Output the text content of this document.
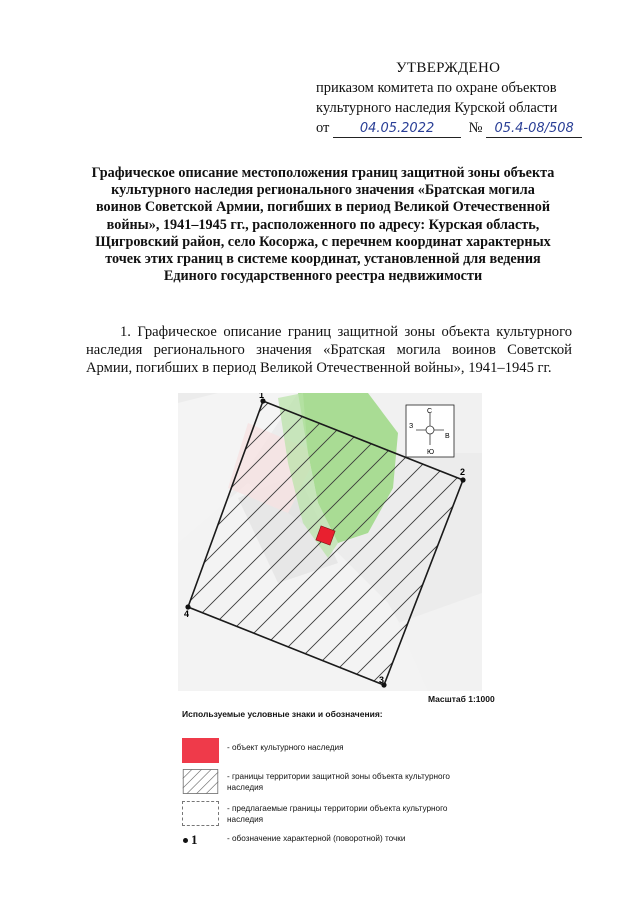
УТВЕРЖДЕНО
приказом комитета по охране объектов
культурного наследия Курской области
от 04.05.2022 № 05.4-08/508
Графическое описание местоположения границ защитной зоны объекта культурного наследия регионального значения «Братская могила воинов Советской Армии, погибших в период Великой Отечественной войны», 1941–1945 гг., расположенного по адресу: Курская область, Щигровский район, село Косоржа, с перечнем координат характерных точек этих границ в системе координат, установленной для ведения Единого государственного реестра недвижимости
1. Графическое описание границ защитной зоны объекта культурного наследия регионального значения «Братская могила воинов Советской Армии, погибших в период Великой Отечественной войны», 1941–1945 гг.
1
2
3
4
С
Ю
В
З
Масштаб 1:1000
Используемые условные знаки и обозначения:
- объект культурного наследия
- границы территории защитной зоны объекта культурного наследия
- предлагаемые границы территории объекта культурного наследия
1	- обозначение характерной (поворотной) точки
